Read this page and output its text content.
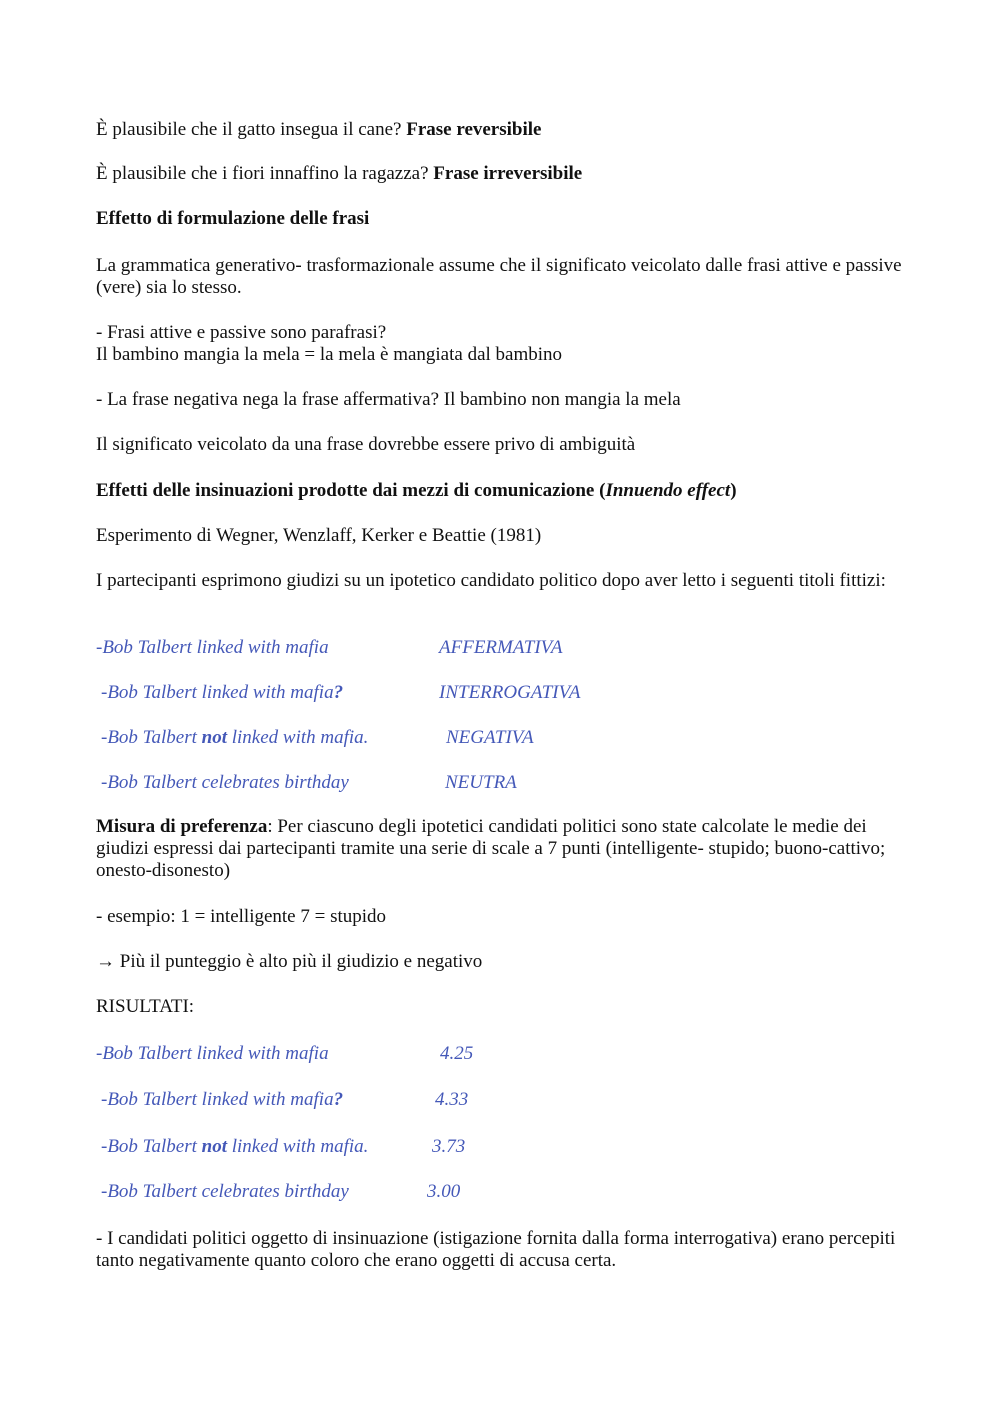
È plausibile che il gatto insegua il cane? Frase reversibile
È plausibile che i fiori innaffino la ragazza? Frase irreversibile
Effetto di formulazione delle frasi
La grammatica generativo- trasformazionale assume che il significato veicolato dalle frasi attive e passive (vere) sia lo stesso.
- Frasi attive e passive sono parafrasi?
Il bambino mangia la mela = la mela è mangiata dal bambino
- La frase negativa nega la frase affermativa? Il bambino non mangia la mela
Il significato veicolato da una frase dovrebbe essere privo di ambiguità
Effetti delle insinuazioni prodotte dai mezzi di comunicazione (Innuendo effect)
Esperimento di Wegner, Wenzlaff, Kerker e Beattie (1981)
I partecipanti esprimono giudizi su un ipotetico candidato politico dopo aver letto i seguenti titoli fittizi:
-Bob Talbert linked with mafia	AFFERMATIVA
-Bob Talbert linked with mafia?	INTERROGATIVA
-Bob Talbert not linked with mafia.	NEGATIVA
-Bob Talbert celebrates birthday	NEUTRA
Misura di preferenza: Per ciascuno degli ipotetici candidati politici sono state calcolate le medie dei giudizi espressi dai partecipanti tramite una serie di scale a 7 punti (intelligente- stupido; buono-cattivo; onesto-disonesto)
- esempio: 1 = intelligente 7 = stupido
→ Più il punteggio è alto più il giudizio e negativo
RISULTATI:
-Bob Talbert linked with mafia	4.25
-Bob Talbert linked with mafia?	4.33
-Bob Talbert not linked with mafia.	3.73
-Bob Talbert celebrates birthday	3.00
- I candidati politici oggetto di insinuazione (istigazione fornita dalla forma interrogativa) erano percepiti tanto negativamente quanto coloro che erano oggetti di accusa certa.
